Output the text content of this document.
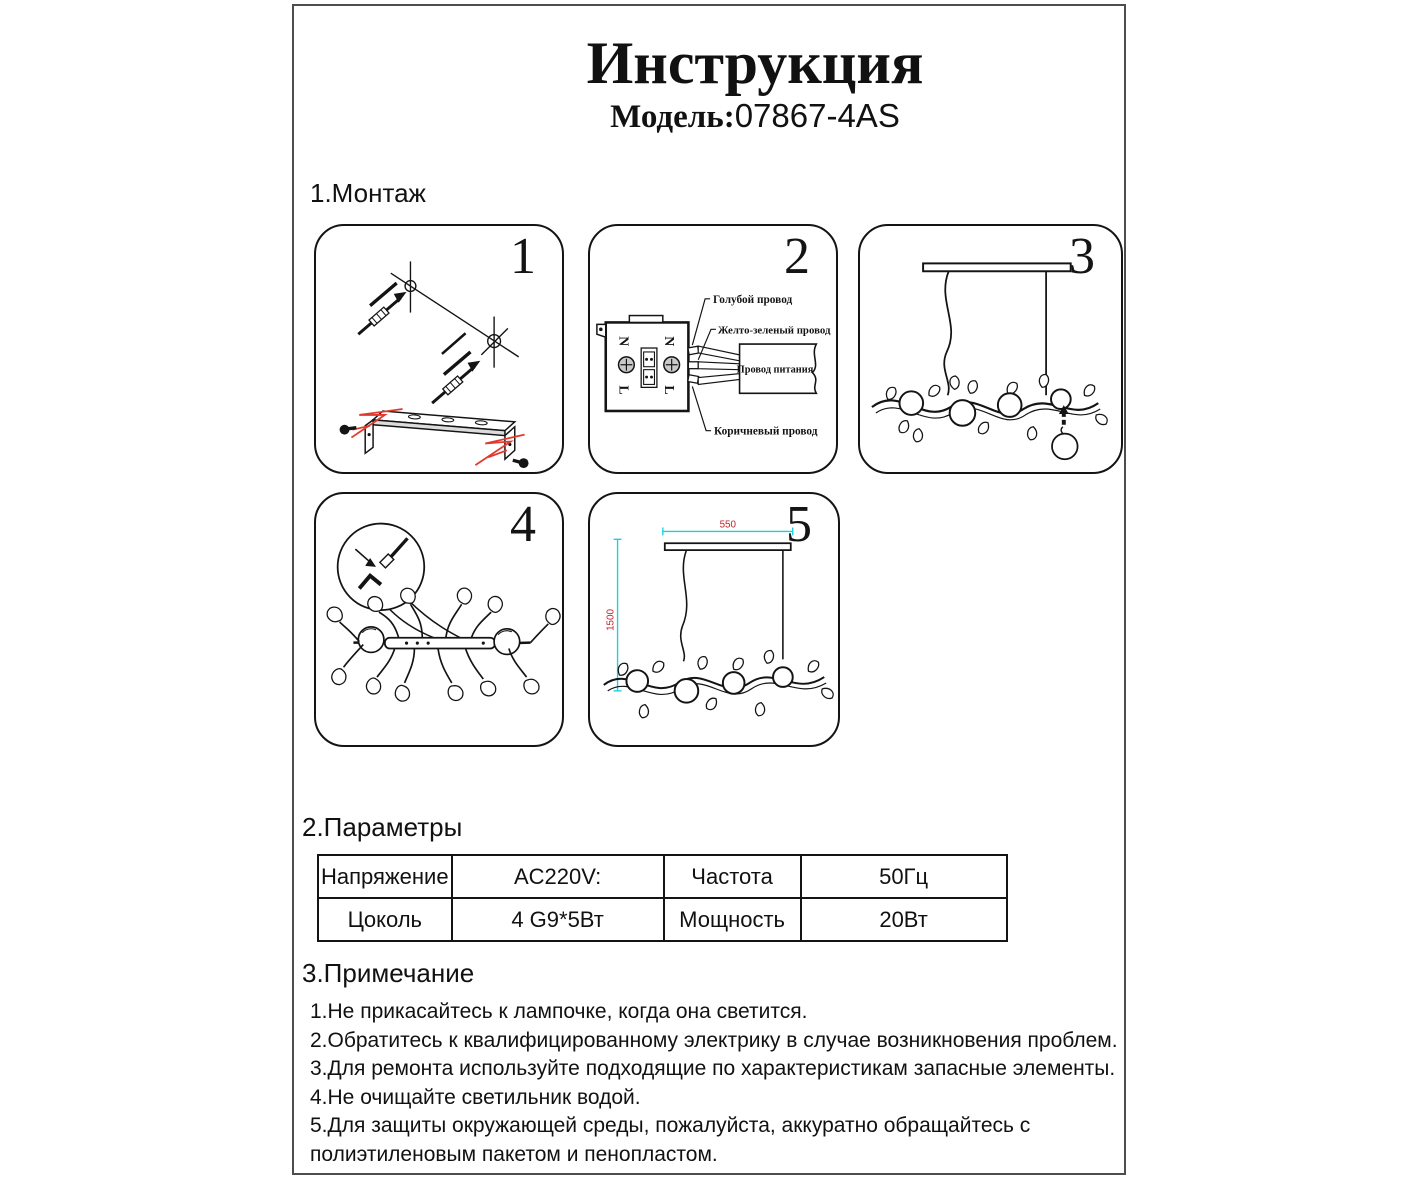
Инструкция
Модель:07867-4AS
1.Монтаж
1
N
L
N
L
Провод питания
Голубой провод
Желто-зеленый провод
Коричневый провод
2	3
4	550
1500
5
2.Параметры
Напряжение	AC220V:	Частота	50Гц
Цоколь	4 G9*5Вт	Мощность	20Вт
3.Примечание
1.Не прикасайтесь к лампочке, когда она светится.
2.Обратитесь к квалифицированному электрику в случае возникновения проблем.
3.Для ремонта используйте подходящие по характеристикам запасные элементы.
4.Не очищайте светильник водой.
5.Для защиты окружающей среды, пожалуйста, аккуратно обращайтесь с полиэтиленовым пакетом и пенопластом.
